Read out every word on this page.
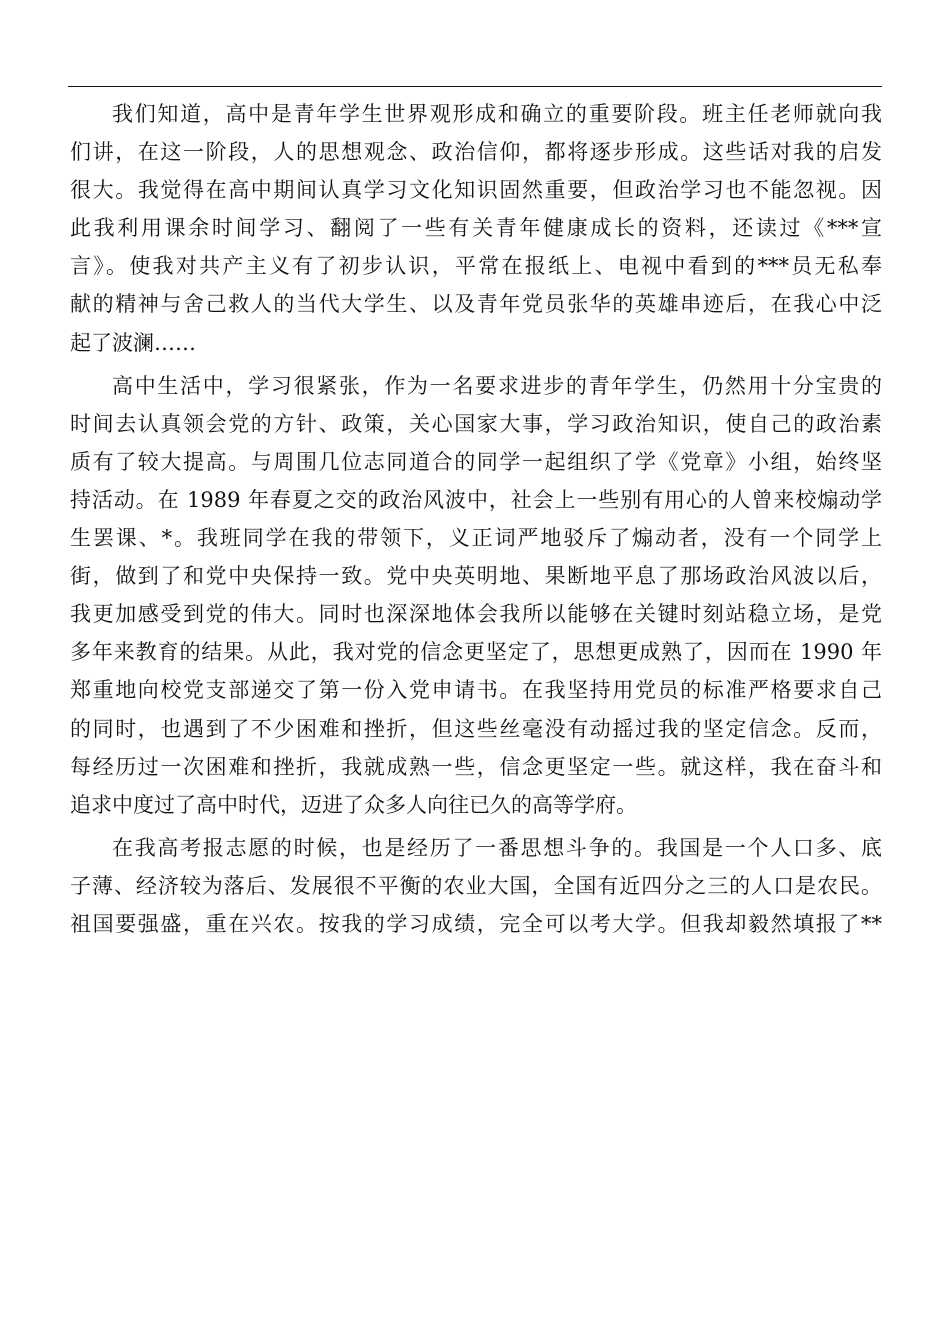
我们知道，高中是青年学生世界观形成和确立的重要阶段。班主任老师就向我
们讲，在这一阶段，人的思想观念、政治信仰，都将逐步形成。这些话对我的启发
很大。我觉得在高中期间认真学习文化知识固然重要，但政治学习也不能忽视。因
此我利用课余时间学习、翻阅了一些有关青年健康成长的资料，还读过《***宣
言》。使我对共产主义有了初步认识，平常在报纸上、电视中看到的***员无私奉
献的精神与舍己救人的当代大学生、以及青年党员张华的英雄串迹后，在我心中泛
起了波澜……
高中生活中，学习很紧张，作为一名要求进步的青年学生，仍然用十分宝贵的
时间去认真领会党的方针、政策，关心国家大事，学习政治知识，使自己的政治素
质有了较大提高。与周围几位志同道合的同学一起组织了学《党章》小组，始终坚
持活动。在 1989 年春夏之交的政治风波中，社会上一些别有用心的人曾来校煽动学
生罢课、*。我班同学在我的带领下，义正词严地驳斥了煽动者，没有一个同学上
街，做到了和党中央保持一致。党中央英明地、果断地平息了那场政治风波以后，
我更加感受到党的伟大。同时也深深地体会我所以能够在关键时刻站稳立场，是党
多年来教育的结果。从此，我对党的信念更坚定了，思想更成熟了，因而在 1990 年
郑重地向校党支部递交了第一份入党申请书。在我坚持用党员的标准严格要求自己
的同时，也遇到了不少困难和挫折，但这些丝毫没有动摇过我的坚定信念。反而，
每经历过一次困难和挫折，我就成熟一些，信念更坚定一些。就这样，我在奋斗和
追求中度过了高中时代，迈进了众多人向往已久的高等学府。
在我高考报志愿的时候，也是经历了一番思想斗争的。我国是一个人口多、底
子薄、经济较为落后、发展很不平衡的农业大国，全国有近四分之三的人口是农民。
祖国要强盛，重在兴农。按我的学习成绩，完全可以考大学。但我却毅然填报了**
